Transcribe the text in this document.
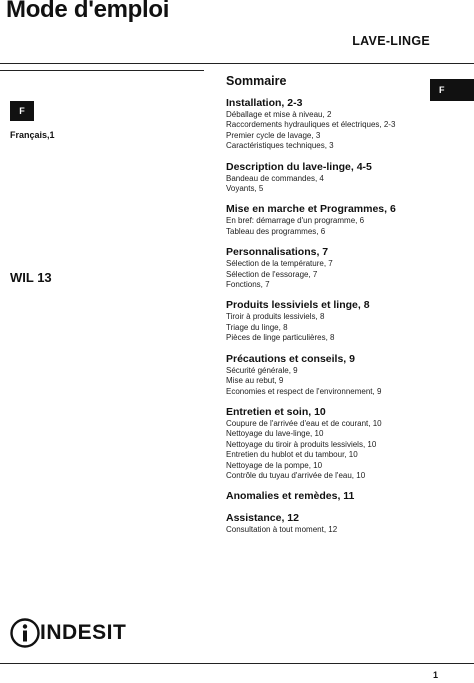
Mode d'emploi
LAVE-LINGE
F
Français,1
WIL 13
F
Sommaire
Installation, 2-3
Déballage et mise à niveau, 2
Raccordements hydrauliques et électriques, 2-3
Premier cycle de lavage, 3
Caractéristiques techniques, 3
Description du lave-linge, 4-5
Bandeau de commandes, 4
Voyants, 5
Mise en marche et Programmes, 6
En bref: démarrage d'un programme, 6
Tableau des programmes, 6
Personnalisations, 7
Sélection de la température, 7
Sélection de l'essorage, 7
Fonctions, 7
Produits lessiviels et linge, 8
Tiroir à produits lessiviels, 8
Triage du linge, 8
Pièces de linge particulières, 8
Précautions et conseils, 9
Sécurité générale, 9
Mise au rebut, 9
Economies et respect de l'environnement, 9
Entretien et soin, 10
Coupure de l'arrivée d'eau et de courant, 10
Nettoyage du lave-linge, 10
Nettoyage du tiroir à produits lessiviels, 10
Entretien du hublot et du tambour, 10
Nettoyage de la pompe, 10
Contrôle du tuyau d'arrivée de l'eau, 10
Anomalies et remèdes, 11
Assistance, 12
Consultation à tout moment, 12
INDESIT
1
